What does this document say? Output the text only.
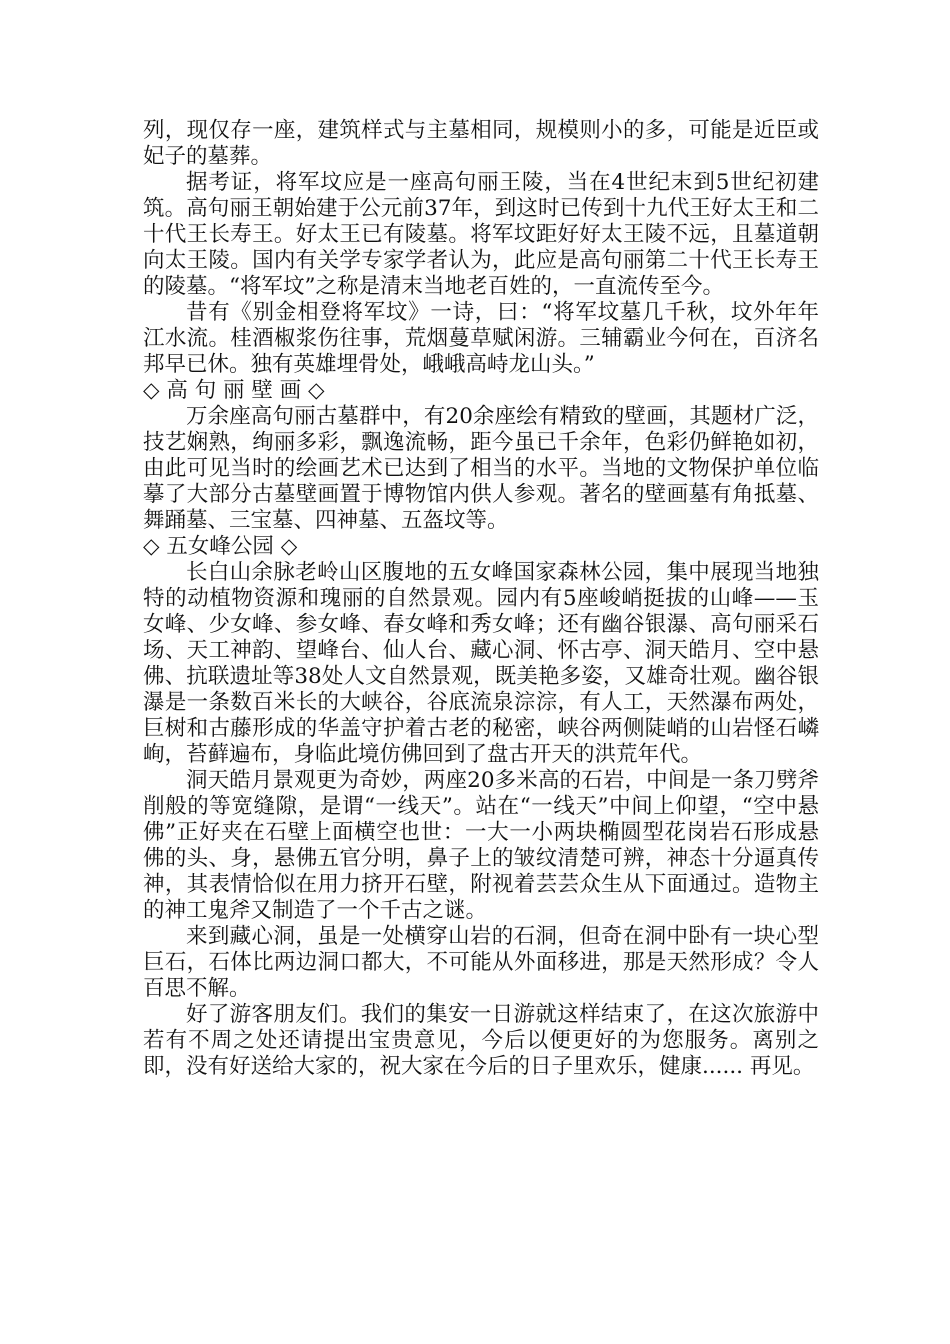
列，现仅存一座，建筑样式与主墓相同，规模则小的多，可能是近臣或妃子的墓葬。

据考证，将军坟应是一座高句丽王陵，当在4世纪末到5世纪初建筑。高句丽王朝始建于公元前37年，到这时已传到十九代王好太王和二十代王长寿王。好太王已有陵墓。将军坟距好好太王陵不远，且墓道朝向太王陵。国内有关学专家学者认为，此应是高句丽第二十代王长寿王的陵墓。“将军坟”之称是清末当地老百姓的，一直流传至今。

昔有《别金相登将军坟》一诗，曰：“将军坟墓几千秋，坟外年年江水流。桂酒椒浆伤往事，荒烟蔓草赋闲游。三辅霸业今何在，百济名邦早已休。独有英雄埋骨处，峨峨高峙龙山头。”

◇ 高 句 丽 壁 画 ◇

万余座高句丽古墓群中，有20余座绘有精致的壁画，其题材广泛，技艺娴熟，绚丽多彩，飘逸流畅，距今虽已千余年，色彩仍鲜艳如初，由此可见当时的绘画艺术已达到了相当的水平。当地的文物保护单位临摹了大部分古墓壁画置于博物馆内供人参观。著名的壁画墓有角抵墓、舞踊墓、三宝墓、四神墓、五盔坟等。

◇ 五女峰公园 ◇

长白山余脉老岭山区腹地的五女峰国家森林公园，集中展现当地独特的动植物资源和瑰丽的自然景观。园内有5座峻峭挺拔的山峰——玉女峰、少女峰、参女峰、春女峰和秀女峰；还有幽谷银瀑、高句丽采石场、天工神韵、望峰台、仙人台、藏心洞、怀古亭、洞天皓月、空中悬佛、抗联遗址等38处人文自然景观，既美艳多姿，又雄奇壮观。幽谷银瀑是一条数百米长的大峡谷，谷底流泉淙淙，有人工，天然瀑布两处，巨树和古藤形成的华盖守护着古老的秘密，峡谷两侧陡峭的山岩怪石嶙峋，苔藓遍布，身临此境仿佛回到了盘古开天的洪荒年代。

洞天皓月景观更为奇妙，两座20多米高的石岩，中间是一条刀劈斧削般的等宽缝隙，是谓“一线天”。站在“一线天”中间上仰望，“空中悬佛”正好夹在石壁上面横空也世：一大一小两块椭圆型花岗岩石形成悬佛的头、身，悬佛五官分明，鼻子上的皱纹清楚可辨，神态十分逼真传神，其表情恰似在用力挤开石壁，附视着芸芸众生从下面通过。造物主的神工鬼斧又制造了一个千古之谜。

来到藏心洞，虽是一处横穿山岩的石洞，但奇在洞中卧有一块心型巨石，石体比两边洞口都大，不可能从外面移进，那是天然形成？令人百思不解。

好了游客朋友们。我们的集安一日游就这样结束了，在这次旅游中若有不周之处还请提出宝贵意见，今后以便更好的为您服务。离别之即，没有好送给大家的，祝大家在今后的日子里欢乐，健康...... 再见。
